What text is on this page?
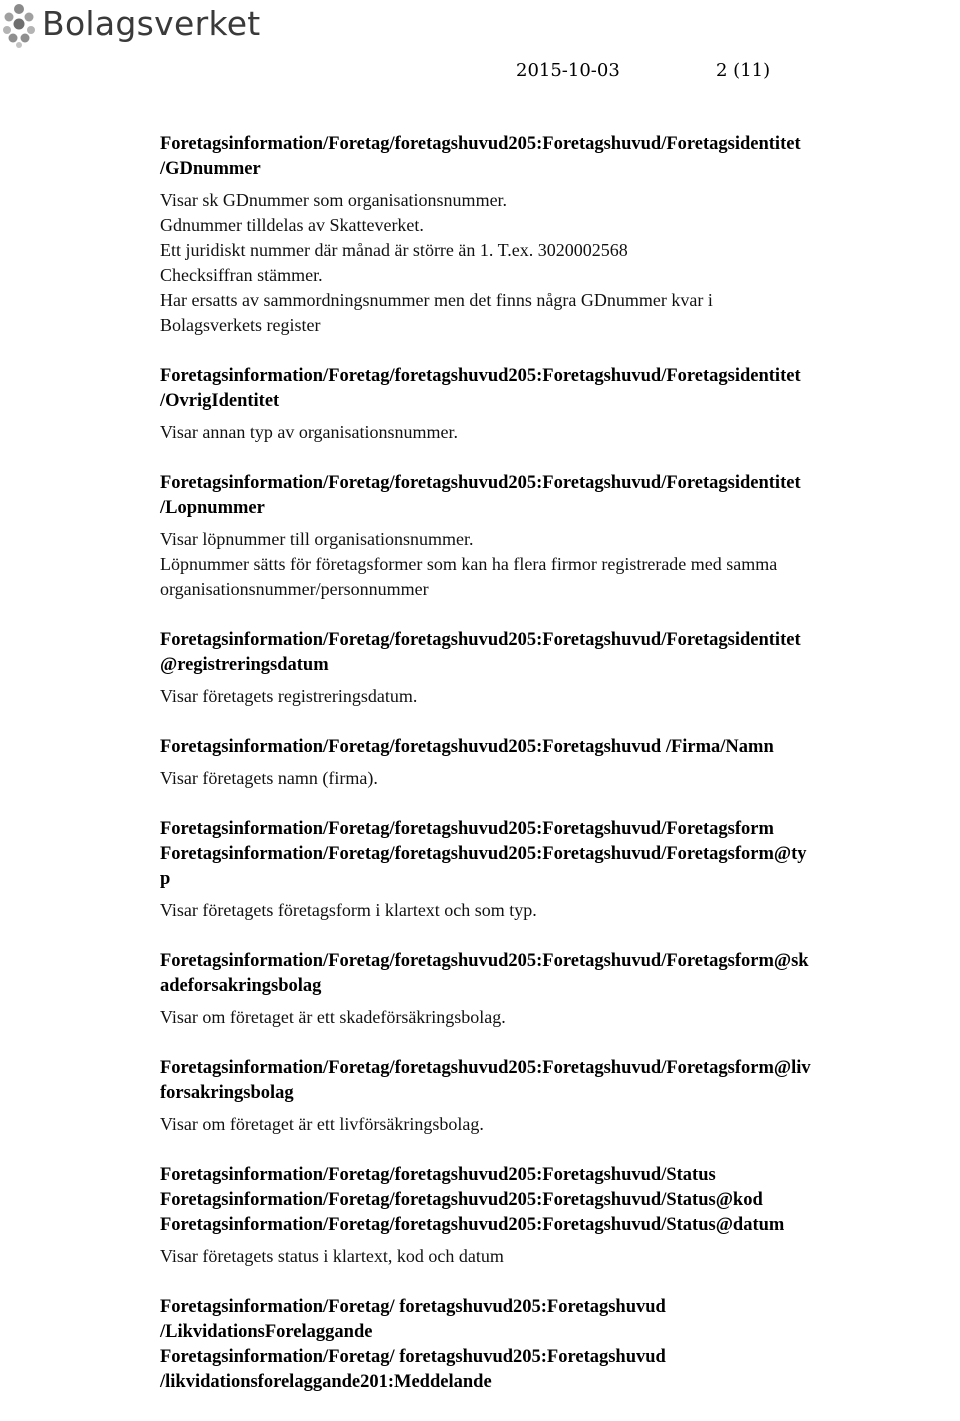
Bolagsverket
2015-10-03	2 (11)
Foretagsinformation/Foretag/foretagshuvud205:Foretagshuvud/Foretagsidentitet
/GDnummer
Visar sk GDnummer som organisationsnummer.
Gdnummer tilldelas av Skatteverket.
Ett juridiskt nummer där månad är större än 1. T.ex. 3020002568
Checksiffran stämmer.
Har ersatts av sammordningsnummer men det finns några GDnummer kvar i
Bolagsverkets register
Foretagsinformation/Foretag/foretagshuvud205:Foretagshuvud/Foretagsidentitet
/OvrigIdentitet
Visar annan typ av organisationsnummer.
Foretagsinformation/Foretag/foretagshuvud205:Foretagshuvud/Foretagsidentitet
/Lopnummer
Visar löpnummer till organisationsnummer.
Löpnummer sätts för företagsformer som kan ha flera firmor registrerade med samma
organisationsnummer/personnummer
Foretagsinformation/Foretag/foretagshuvud205:Foretagshuvud/Foretagsidentitet
@registreringsdatum
Visar företagets registreringsdatum.
Foretagsinformation/Foretag/foretagshuvud205:Foretagshuvud /Firma/Namn
Visar företagets namn (firma).
Foretagsinformation/Foretag/foretagshuvud205:Foretagshuvud/Foretagsform
Foretagsinformation/Foretag/foretagshuvud205:Foretagshuvud/Foretagsform@ty
p
Visar företagets företagsform i klartext och som typ.
Foretagsinformation/Foretag/foretagshuvud205:Foretagshuvud/Foretagsform@sk
adeforsakringsbolag
Visar om företaget är ett skadeförsäkringsbolag.
Foretagsinformation/Foretag/foretagshuvud205:Foretagshuvud/Foretagsform@liv
forsakringsbolag
Visar om företaget är ett livförsäkringsbolag.
Foretagsinformation/Foretag/foretagshuvud205:Foretagshuvud/Status
Foretagsinformation/Foretag/foretagshuvud205:Foretagshuvud/Status@kod
Foretagsinformation/Foretag/foretagshuvud205:Foretagshuvud/Status@datum
Visar företagets status i klartext, kod och datum
Foretagsinformation/Foretag/ foretagshuvud205:Foretagshuvud
/LikvidationsForelaggande
Foretagsinformation/Foretag/ foretagshuvud205:Foretagshuvud
/likvidationsforelaggande201:Meddelande
